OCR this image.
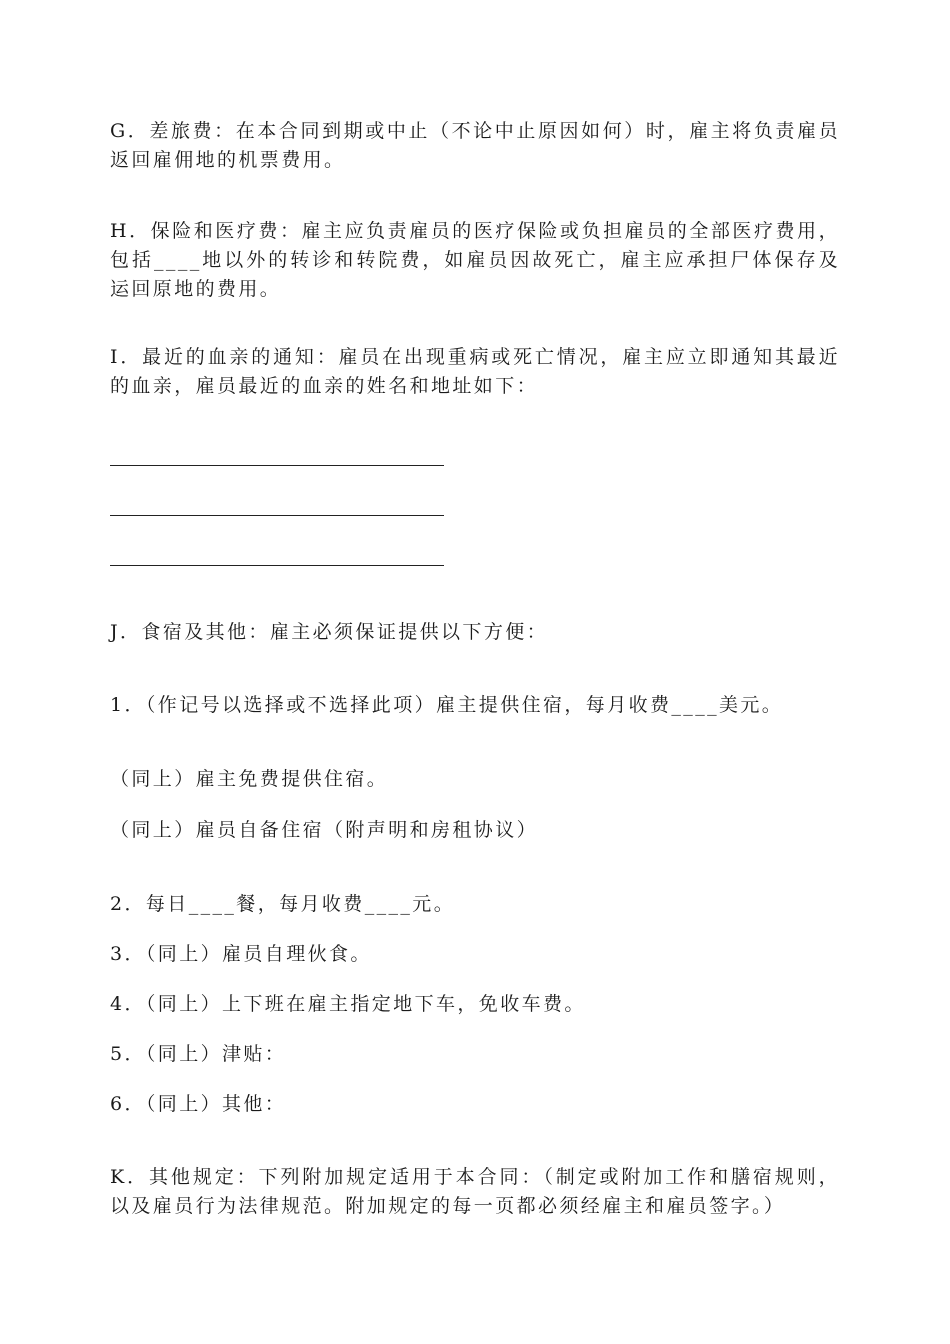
G．差旅费：在本合同到期或中止（不论中止原因如何）时，雇主将负责雇员返回雇佣地的机票费用。

H．保险和医疗费：雇主应负责雇员的医疗保险或负担雇员的全部医疗费用，包括____地以外的转诊和转院费，如雇员因故死亡，雇主应承担尸体保存及运回原地的费用。

I．最近的血亲的通知：雇员在出现重病或死亡情况，雇主应立即通知其最近的血亲，雇员最近的血亲的姓名和地址如下：

J．食宿及其他：雇主必须保证提供以下方便：

1．（作记号以选择或不选择此项）雇主提供住宿，每月收费____美元。

（同上）雇主免费提供住宿。

（同上）雇员自备住宿（附声明和房租协议）

2．每日____餐，每月收费____元。

3．（同上）雇员自理伙食。

4．（同上）上下班在雇主指定地下车，免收车费。

5．（同上）津贴：

6．（同上）其他：

K．其他规定：下列附加规定适用于本合同：（制定或附加工作和膳宿规则，以及雇员行为法律规范。附加规定的每一页都必须经雇主和雇员签字。）
